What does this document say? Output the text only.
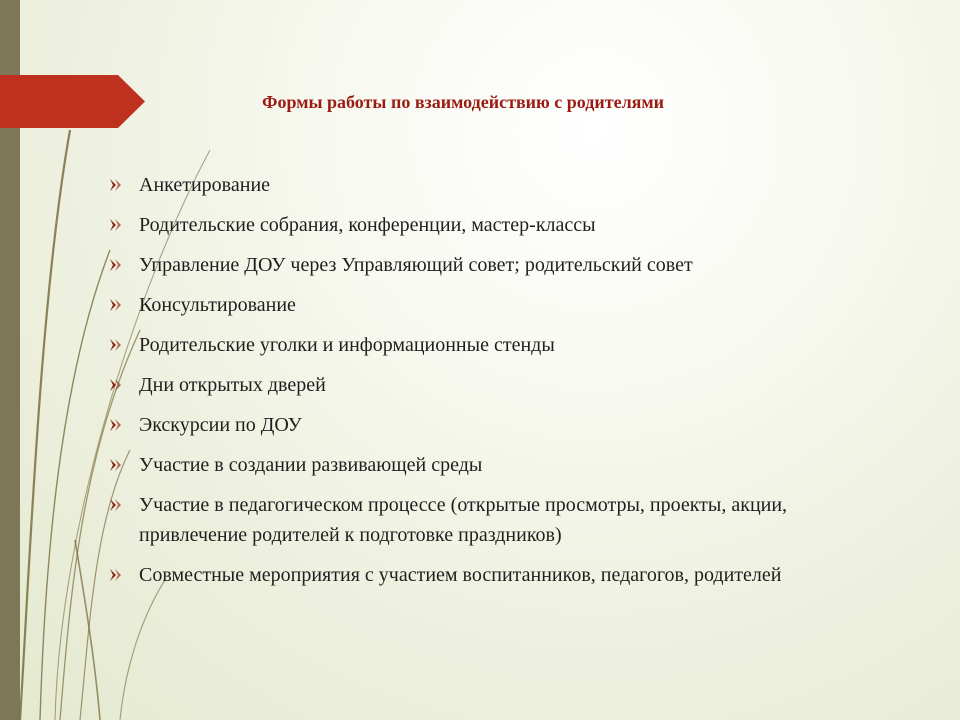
Формы работы по взаимодействию с родителями
Анкетирование
Родительские собрания, конференции, мастер-классы
Управление ДОУ через Управляющий совет; родительский совет
Консультирование
Родительские уголки и информационные стенды
Дни открытых дверей
Экскурсии по ДОУ
Участие в создании развивающей среды
Участие в педагогическом процессе (открытые просмотры, проекты, акции, привлечение родителей к подготовке праздников)
Совместные мероприятия с участием воспитанников, педагогов, родителей
